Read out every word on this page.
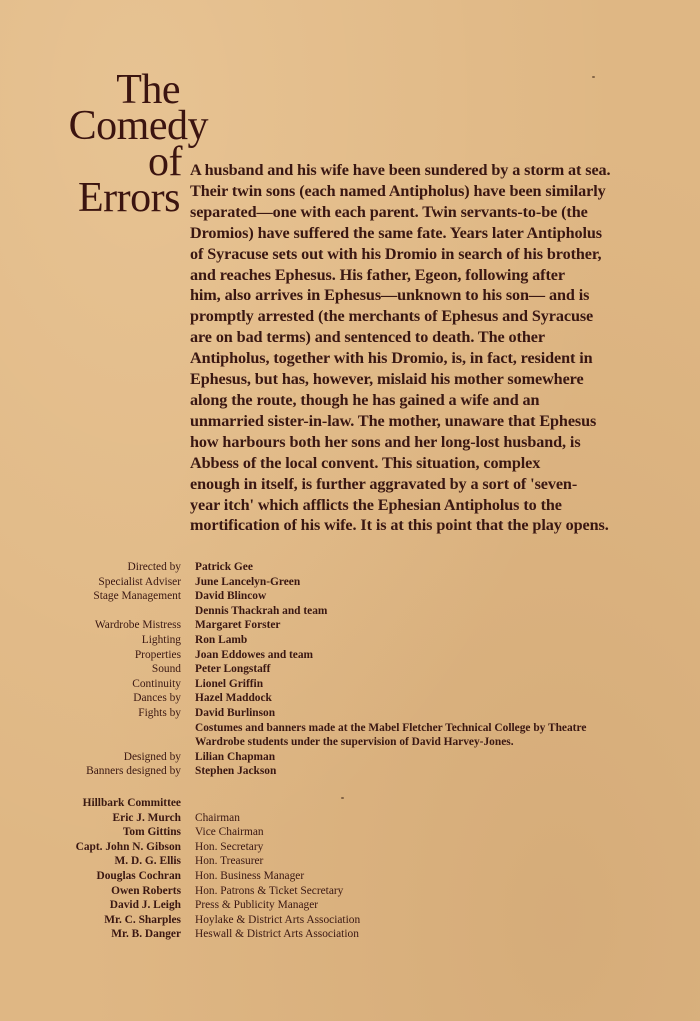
The
Comedy
of
Errors
A husband and his wife have been sundered by a storm at sea.
Their twin sons (each named Antipholus) have been similarly
separated—one with each parent. Twin servants-to-be (the
Dromios) have suffered the same fate. Years later Antipholus
of Syracuse sets out with his Dromio in search of his brother,
and reaches Ephesus. His father, Egeon, following after
him, also arrives in Ephesus—unknown to his son— and is
promptly arrested (the merchants of Ephesus and Syracuse
are on bad terms) and sentenced to death. The other
Antipholus, together with his Dromio, is, in fact, resident in
Ephesus, but has, however, mislaid his mother somewhere
along the route, though he has gained a wife and an
unmarried sister-in-law. The mother, unaware that Ephesus
how harbours both her sons and her long-lost husband, is
Abbess of the local convent. This situation, complex
enough in itself, is further aggravated by a sort of 'seven-
year itch' which afflicts the Ephesian Antipholus to the
mortification of his wife. It is at this point that the play opens.
Directed by	Patrick Gee
Specialist Adviser	June Lancelyn-Green
Stage Management	David Blincow
Dennis Thackrah and team
Wardrobe Mistress	Margaret Forster
Lighting	Ron Lamb
Properties	Joan Eddowes and team
Sound	Peter Longstaff
Continuity	Lionel Griffin
Dances by	Hazel Maddock
Fights by	David Burlinson
Costumes and banners made at the Mabel Fletcher Technical College by Theatre
Wardrobe students under the supervision of David Harvey-Jones.
Designed by	Lilian Chapman
Banners designed by	Stephen Jackson
Hillbark Committee
Eric J. Murch	Chairman
Tom Gittins	Vice Chairman
Capt. John N. Gibson	Hon. Secretary
M. D. G. Ellis	Hon. Treasurer
Douglas Cochran	Hon. Business Manager
Owen Roberts	Hon. Patrons & Ticket Secretary
David J. Leigh	Press & Publicity Manager
Mr. C. Sharples	Hoylake & District Arts Association
Mr. B. Danger	Heswall & District Arts Association
